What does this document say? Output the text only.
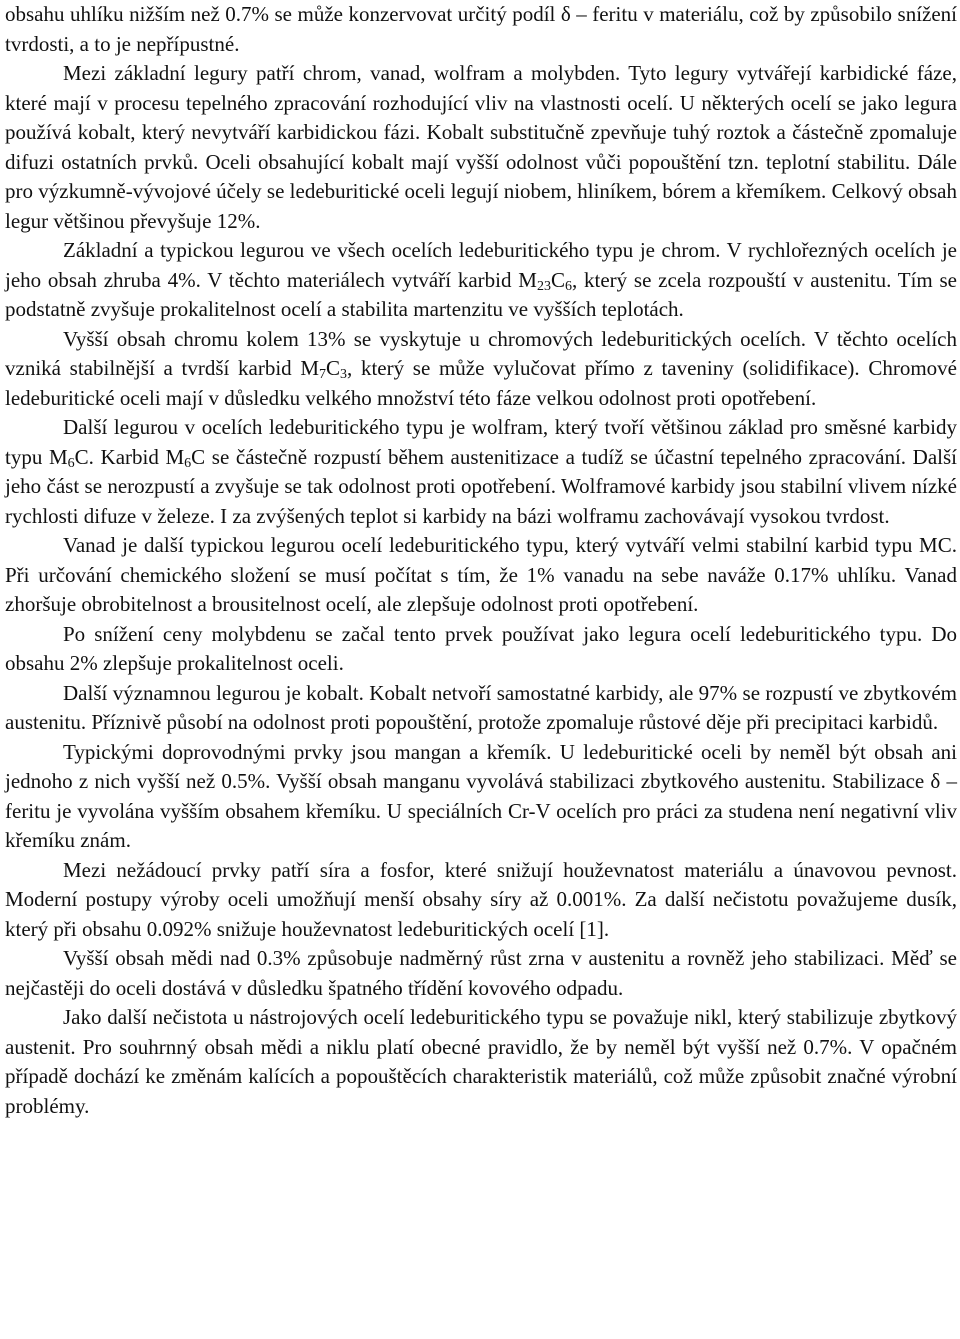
obsahu uhlíku nižším než 0.7% se může konzervovat určitý podíl δ – feritu v materiálu, což by způsobilo snížení tvrdosti, a to je nepřípustné.

Mezi základní legury patří chrom, vanad, wolfram a molybden. Tyto legury vytvářejí karbidické fáze, které mají v procesu tepelného zpracování rozhodující vliv na vlastnosti ocelí. U některých ocelí se jako legura používá kobalt, který nevytváří karbidickou fázi. Kobalt substitučně zpevňuje tuhý roztok a částečně zpomaluje difuzi ostatních prvků. Oceli obsahující kobalt mají vyšší odolnost vůči popouštění tzn. teplotní stabilitu. Dále pro výzkumně-vývojové účely se ledeburitické oceli legují niobem, hliníkem, bórem a křemíkem. Celkový obsah legur většinou převyšuje 12%.

Základní a typickou legurou ve všech ocelích ledeburitického typu je chrom. V rychlořezných ocelích je jeho obsah zhruba 4%. V těchto materiálech vytváří karbid $M_{23}C_6$, který se zcela rozpouští v austenitu. Tím se podstatně zvyšuje prokalitelnost ocelí a stabilita martenzitu ve vyšších teplotách.

Vyšší obsah chromu kolem 13% se vyskytuje u chromových ledeburitických ocelích. V těchto ocelích vzniká stabilnější a tvrdší karbid $M_7C_3$, který se může vylučovat přímo z taveniny (solidifikace). Chromové ledeburitické oceli mají v důsledku velkého množství této fáze velkou odolnost proti opotřebení.

Další legurou v ocelích ledeburitického typu je wolfram, který tvoří většinou základ pro směsné karbidy typu $M_6C$. Karbid $M_6C$ se částečně rozpustí během austenitizace a tudíž se účastní tepelného zpracování. Další jeho část se nerozpustí a zvyšuje se tak odolnost proti opotřebení. Wolframové karbidy jsou stabilní vlivem nízké rychlosti difuze v železe. I za zvýšených teplot si karbidy na bázi wolframu zachovávají vysokou tvrdost.

Vanad je další typickou legurou ocelí ledeburitického typu, který vytváří velmi stabilní karbid typu MC. Při určování chemického složení se musí počítat s tím, že 1% vanadu na sebe naváže 0.17% uhlíku. Vanad zhoršuje obrobitelnost a brousitelnost ocelí, ale zlepšuje odolnost proti opotřebení.

Po snížení ceny molybdenu se začal tento prvek používat jako legura ocelí ledeburitického typu. Do obsahu 2% zlepšuje prokalitelnost oceli.

Další významnou legurou je kobalt. Kobalt netvoří samostatné karbidy, ale 97% se rozpustí ve zbytkovém austenitu. Příznivě působí na odolnost proti popouštění, protože zpomaluje růstové děje při precipitaci karbidů.

Typickými doprovodnými prvky jsou mangan a křemík. U ledeburitické oceli by neměl být obsah ani jednoho z nich vyšší než 0.5%. Vyšší obsah manganu vyvolává stabilizaci zbytkového austenitu. Stabilizace δ – feritu je vyvolána vyšším obsahem křemíku. U speciálních Cr-V ocelích pro práci za studena není negativní vliv křemíku znám.

Mezi nežádoucí prvky patří síra a fosfor, které snižují houževnatost materiálu a únavovou pevnost. Moderní postupy výroby oceli umožňují menší obsahy síry až 0.001%. Za další nečistotu považujeme dusík, který při obsahu 0.092% snižuje houževnatost ledeburitických ocelí [1].

Vyšší obsah mědi nad 0.3% způsobuje nadměrný růst zrna v austenitu a rovněž jeho stabilizaci. Měď se nejčastěji do oceli dostává v důsledku špatného třídění kovového odpadu.

Jako další nečistota u nástrojových ocelí ledeburitického typu se považuje nikl, který stabilizuje zbytkový austenit. Pro souhrnný obsah mědi a niklu platí obecné pravidlo, že by neměl být vyšší než 0.7%. V opačném případě dochází ke změnám kalících a popouštěcích charakteristik materiálů, což může způsobit značné výrobní problémy.
